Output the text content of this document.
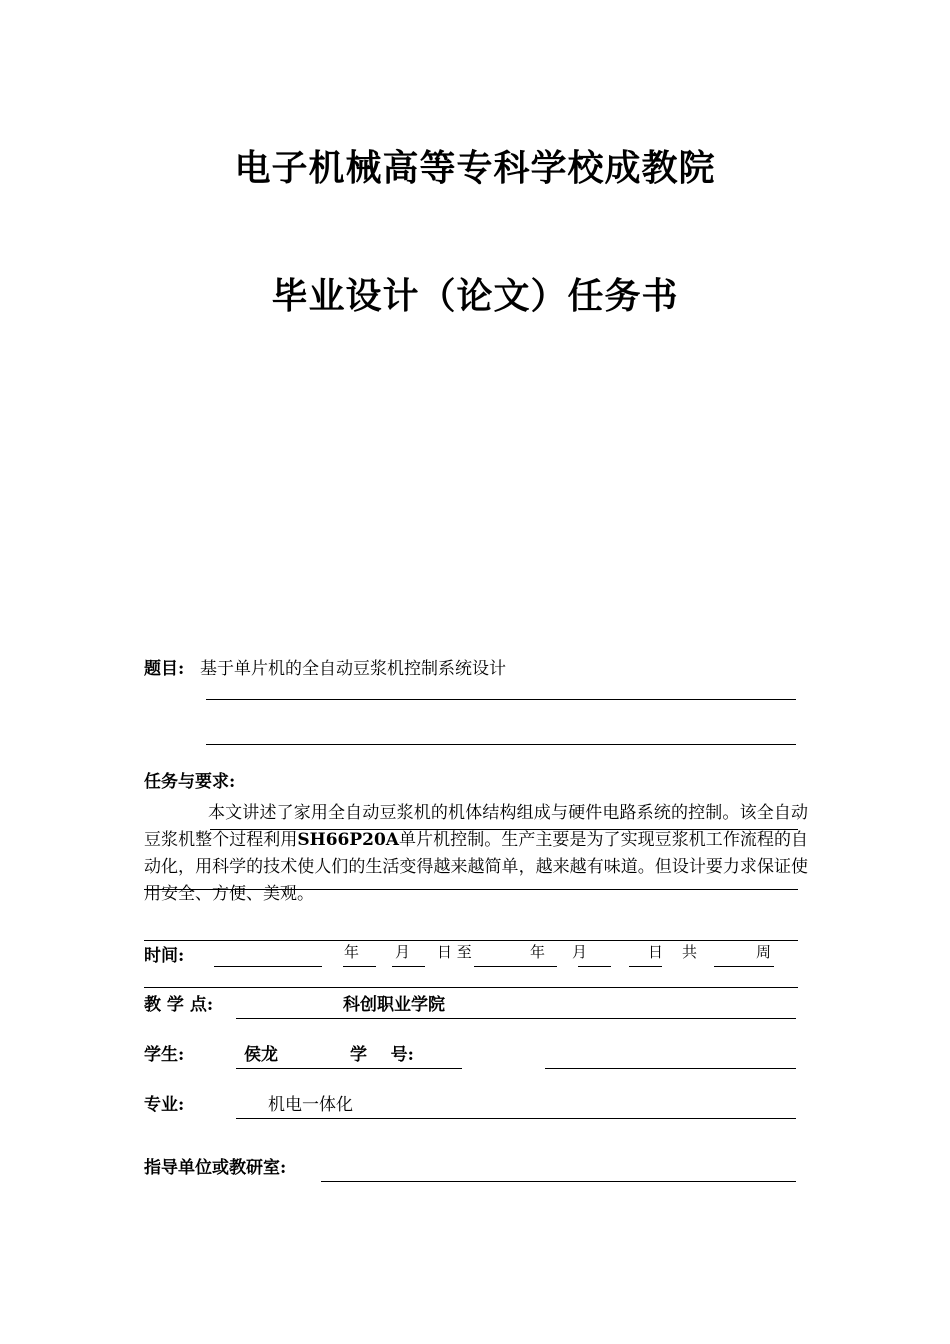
电子机械高等专科学校成教院
毕业设计（论文）任务书
题目: 基于单片机的全自动豆浆机控制系统设计
任务与要求:

本文讲述了家用全自动豆浆机的机体结构组成与硬件电路系统的控制。该全自动豆浆机整个过程利用SH66P20A单片机控制。生产主要是为了实现豆浆机工作流程的自动化，用科学的技术使人们的生活变得越来越简单，越来越有味道。但设计要力求保证使用安全、方便、美观。

时间:	年 月 日 至	年 月	日 共	周
教 学 点:	科创职业学院
学生:	侯龙	学    号:
专业:	机电一体化
指导单位或教研室:
